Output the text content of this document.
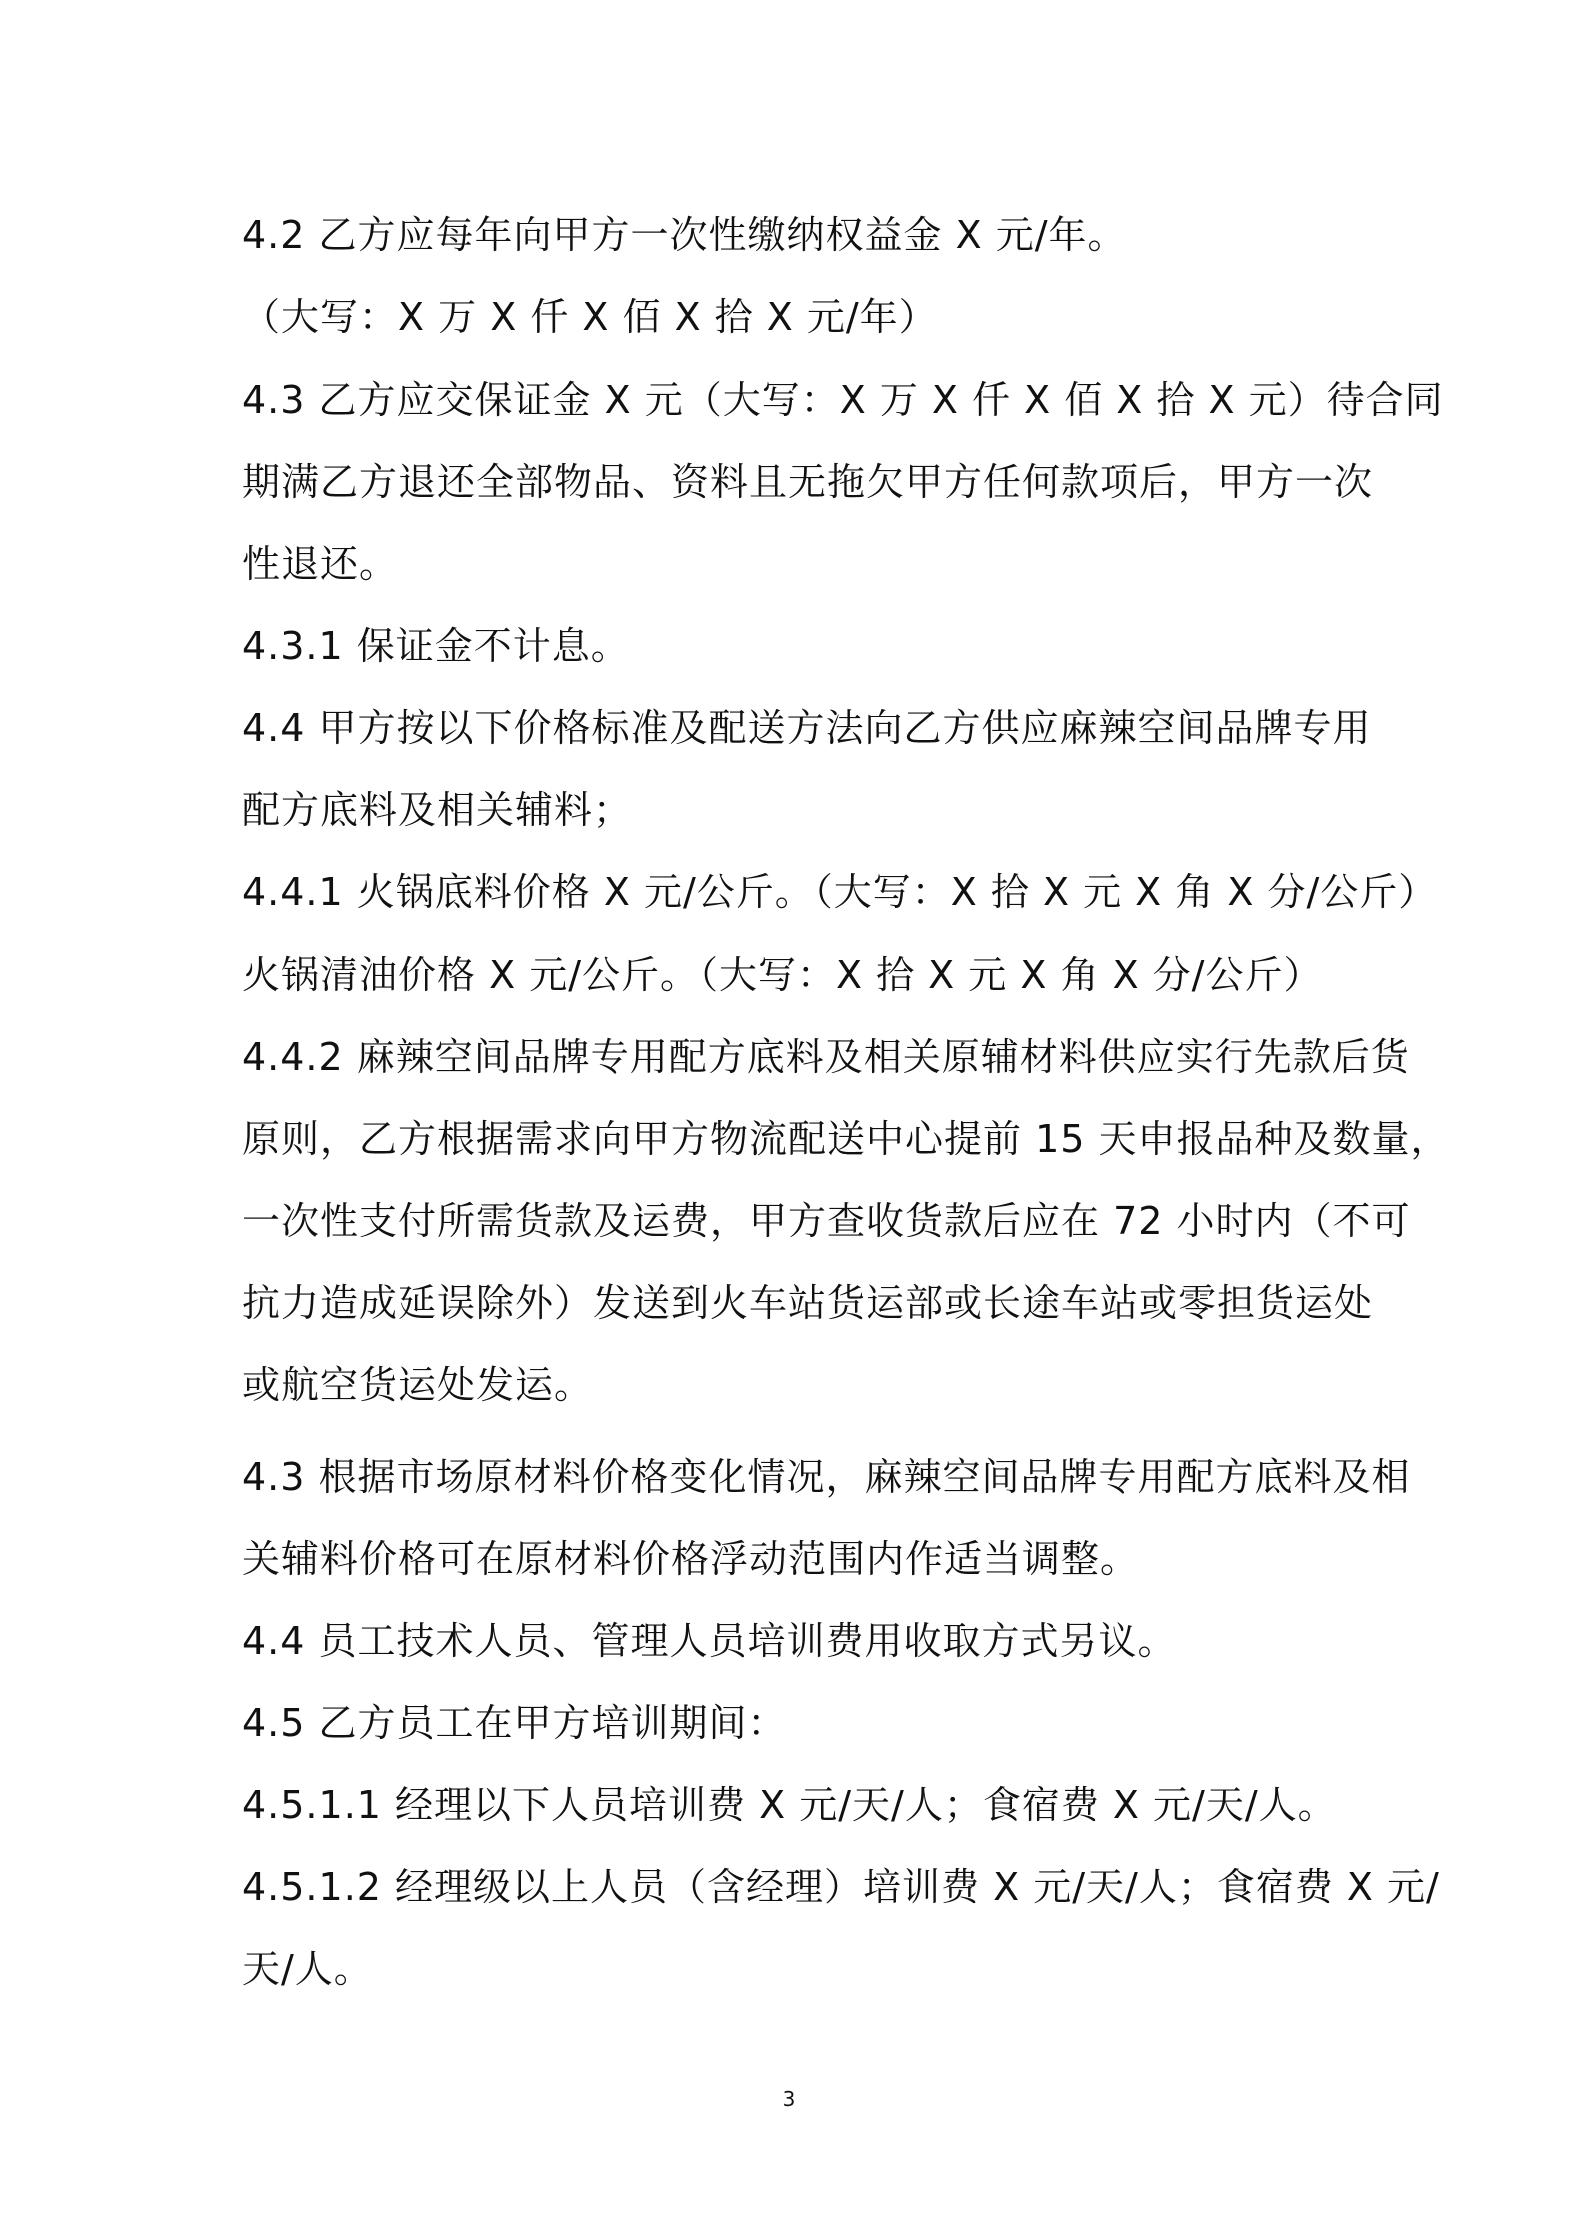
4.2 乙方应每年向甲方一次性缴纳权益金 X 元/年。
（大写：X 万 X 仟 X 佰 X 拾 X 元/年）
4.3 乙方应交保证金 X 元（大写：X 万 X 仟 X 佰 X 拾 X 元）待合同
期满乙方退还全部物品、资料且无拖欠甲方任何款项后，甲方一次
性退还。
4.3.1 保证金不计息。
4.4 甲方按以下价格标准及配送方法向乙方供应麻辣空间品牌专用
配方底料及相关辅料；
4.4.1 火锅底料价格 X 元/公斤。（大写：X 拾 X 元 X 角 X 分/公斤）
火锅清油价格 X 元/公斤。（大写：X 拾 X 元 X 角 X 分/公斤）
4.4.2 麻辣空间品牌专用配方底料及相关原辅材料供应实行先款后货
原则，乙方根据需求向甲方物流配送中心提前 15 天申报品种及数量，
一次性支付所需货款及运费，甲方查收货款后应在 72 小时内（不可
抗力造成延误除外）发送到火车站货运部或长途车站或零担货运处
或航空货运处发运。
4.3 根据市场原材料价格变化情况，麻辣空间品牌专用配方底料及相
关辅料价格可在原材料价格浮动范围内作适当调整。
4.4 员工技术人员、管理人员培训费用收取方式另议。
4.5 乙方员工在甲方培训期间：
4.5.1.1 经理以下人员培训费 X 元/天/人；食宿费 X 元/天/人。
4.5.1.2 经理级以上人员（含经理）培训费 X 元/天/人；食宿费 X 元/
天/人。
3
